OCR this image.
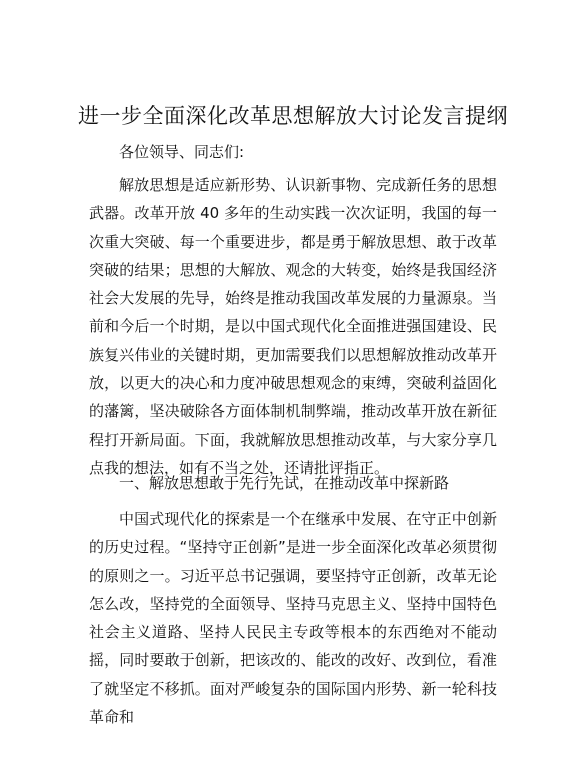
进一步全面深化改革思想解放大讨论发言提纲

各位领导、同志们:

解放思想是适应新形势、认识新事物、完成新任务的思想武器。改革开放 40 多年的生动实践一次次证明，我国的每一次重大突破、每一个重要进步，都是勇于解放思想、敢于改革突破的结果；思想的大解放、观念的大转变，始终是我国经济社会大发展的先导，始终是推动我国改革发展的力量源泉。当前和今后一个时期，是以中国式现代化全面推进强国建设、民族复兴伟业的关键时期，更加需要我们以思想解放推动改革开放，以更大的决心和力度冲破思想观念的束缚，突破利益固化的藩篱，坚决破除各方面体制机制弊端，推动改革开放在新征程打开新局面。下面，我就解放思想推动改革，与大家分享几点我的想法，如有不当之处，还请批评指正。

一、解放思想敢于先行先试，在推动改革中探新路

中国式现代化的探索是一个在继承中发展、在守正中创新的历史过程。“坚持守正创新”是进一步全面深化改革必须贯彻的原则之一。习近平总书记强调，要坚持守正创新，改革无论怎么改，坚持党的全面领导、坚持马克思主义、坚持中国特色社会主义道路、坚持人民民主专政等根本的东西绝对不能动摇，同时要敢于创新，把该改的、能改的改好、改到位，看准了就坚定不移抓。面对严峻复杂的国际国内形势、新一轮科技革命和
